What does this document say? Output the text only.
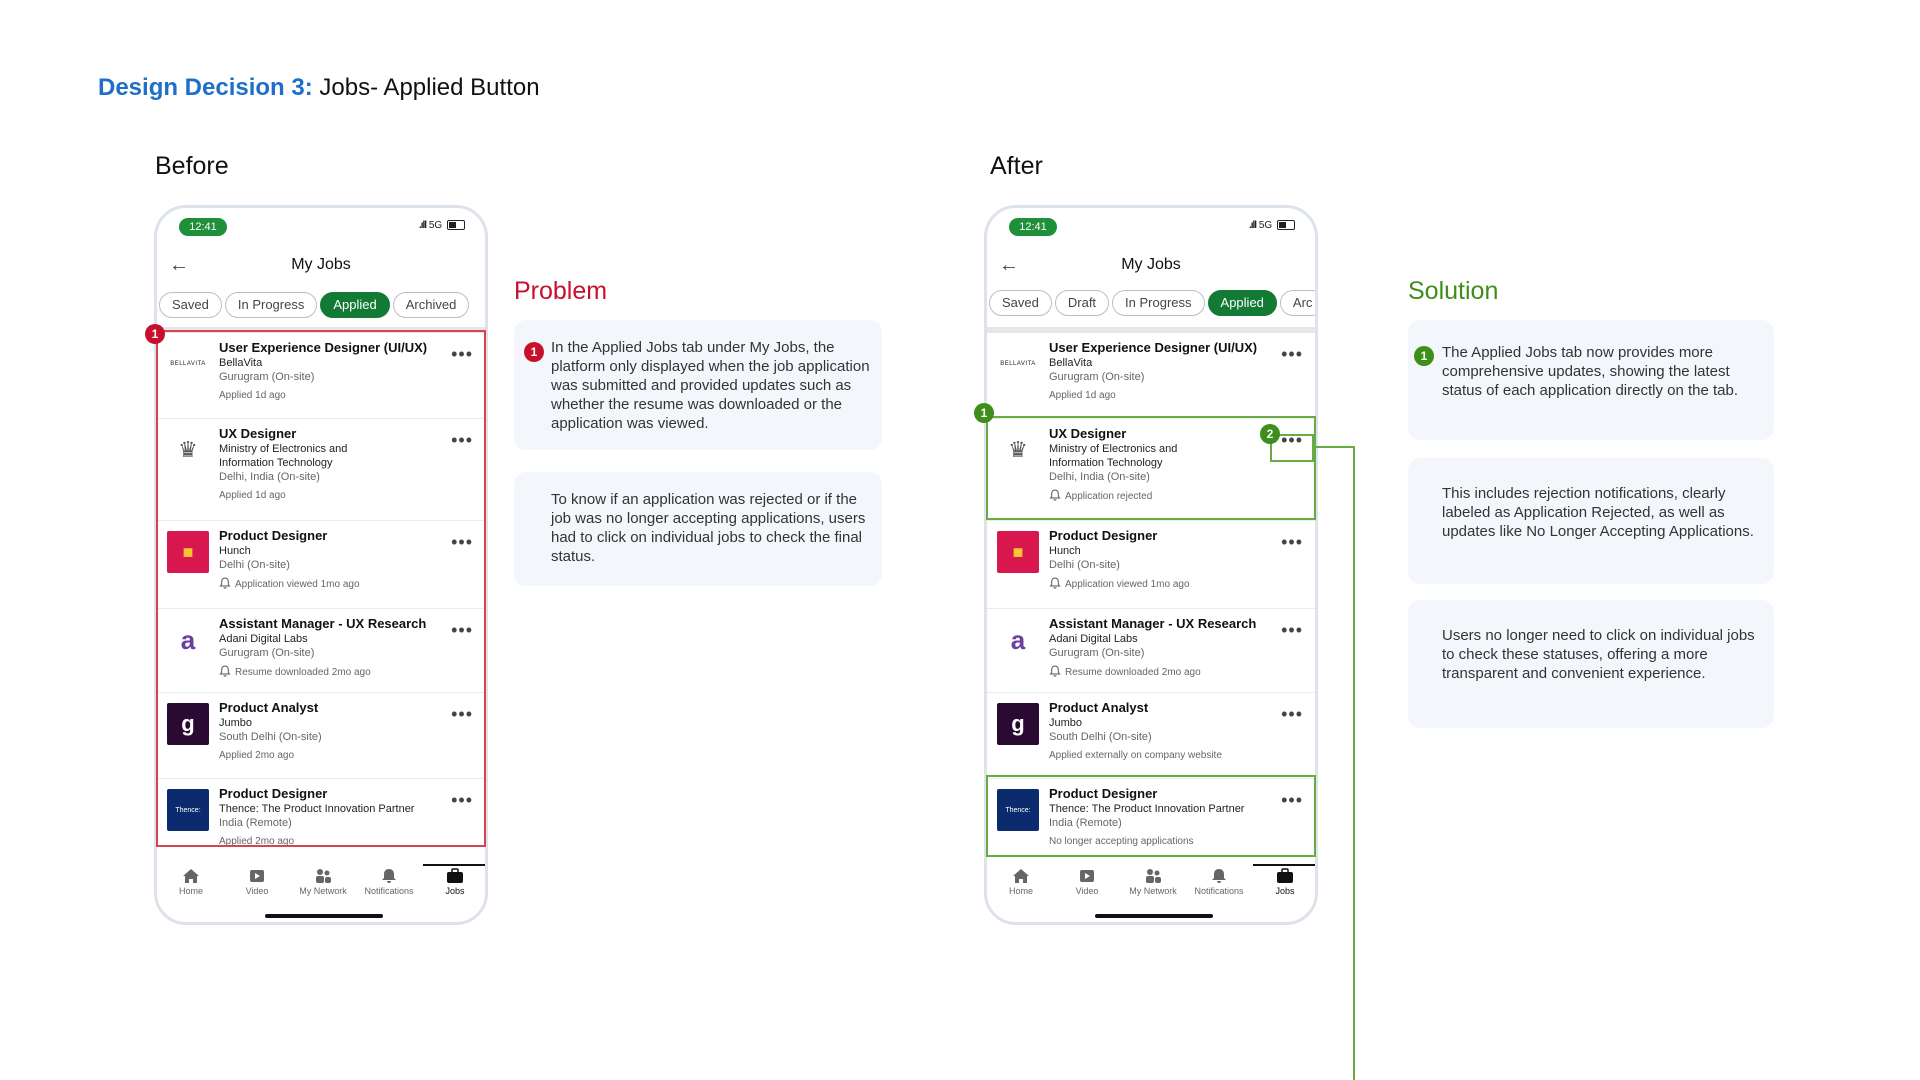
Design Decision 3: Jobs- Applied Button
Before	After
12:41	.ıll 5G
←	My Jobs
Saved In Progress Applied Archived
BELLAVITA
User Experience Designer (UI/UX)
BellaVita
Gurugram (On-site)
Applied 1d ago
•••
♛
UX Designer
Ministry of Electronics and
Information Technology
Delhi, India (On-site)
Applied 1d ago
•••
■
Product Designer
Hunch
Delhi (On-site)
Application viewed 1mo ago
•••
a
Assistant Manager - UX Research
Adani Digital Labs
Gurugram (On-site)
Resume downloaded 2mo ago
•••
g
Product Analyst
Jumbo
South Delhi (On-site)
Applied 2mo ago
•••
Thence:
Product Designer
Thence: The Product Innovation Partner
India (Remote)
Applied 2mo ago
•••
Home	Video	My Network	Notifications	Jobs
1
Problem
1 In the Applied Jobs tab under My Jobs, the platform only displayed when the job application was submitted and provided updates such as whether the resume was downloaded or the application was viewed.

To know if an application was rejected or if the job was no longer accepting applications, users had to click on individual jobs to check the final status.

12:41	.ıll 5G
←	My Jobs
Saved Draft In Progress Applied Arc
BELLAVITA
User Experience Designer (UI/UX)
BellaVita
Gurugram (On-site)
Applied 1d ago
•••
♛
UX Designer
Ministry of Electronics and
Information Technology
Delhi, India (On-site)
Application rejected
•••
■
Product Designer
Hunch
Delhi (On-site)
Application viewed 1mo ago
•••
a
Assistant Manager - UX Research
Adani Digital Labs
Gurugram (On-site)
Resume downloaded 2mo ago
•••
g
Product Analyst
Jumbo
South Delhi (On-site)
Applied externally on company website
•••
Thence:
Product Designer
Thence: The Product Innovation Partner
India (Remote)
No longer accepting applications
•••
Home	Video	My Network	Notifications	Jobs
1
2
Solution
1 The Applied Jobs tab now provides more comprehensive updates, showing the latest status of each application directly on the tab.

This includes rejection notifications, clearly labeled as Application Rejected, as well as updates like No Longer Accepting Applications.

Users no longer need to click on individual jobs to check these statuses, offering a more transparent and convenient experience.
